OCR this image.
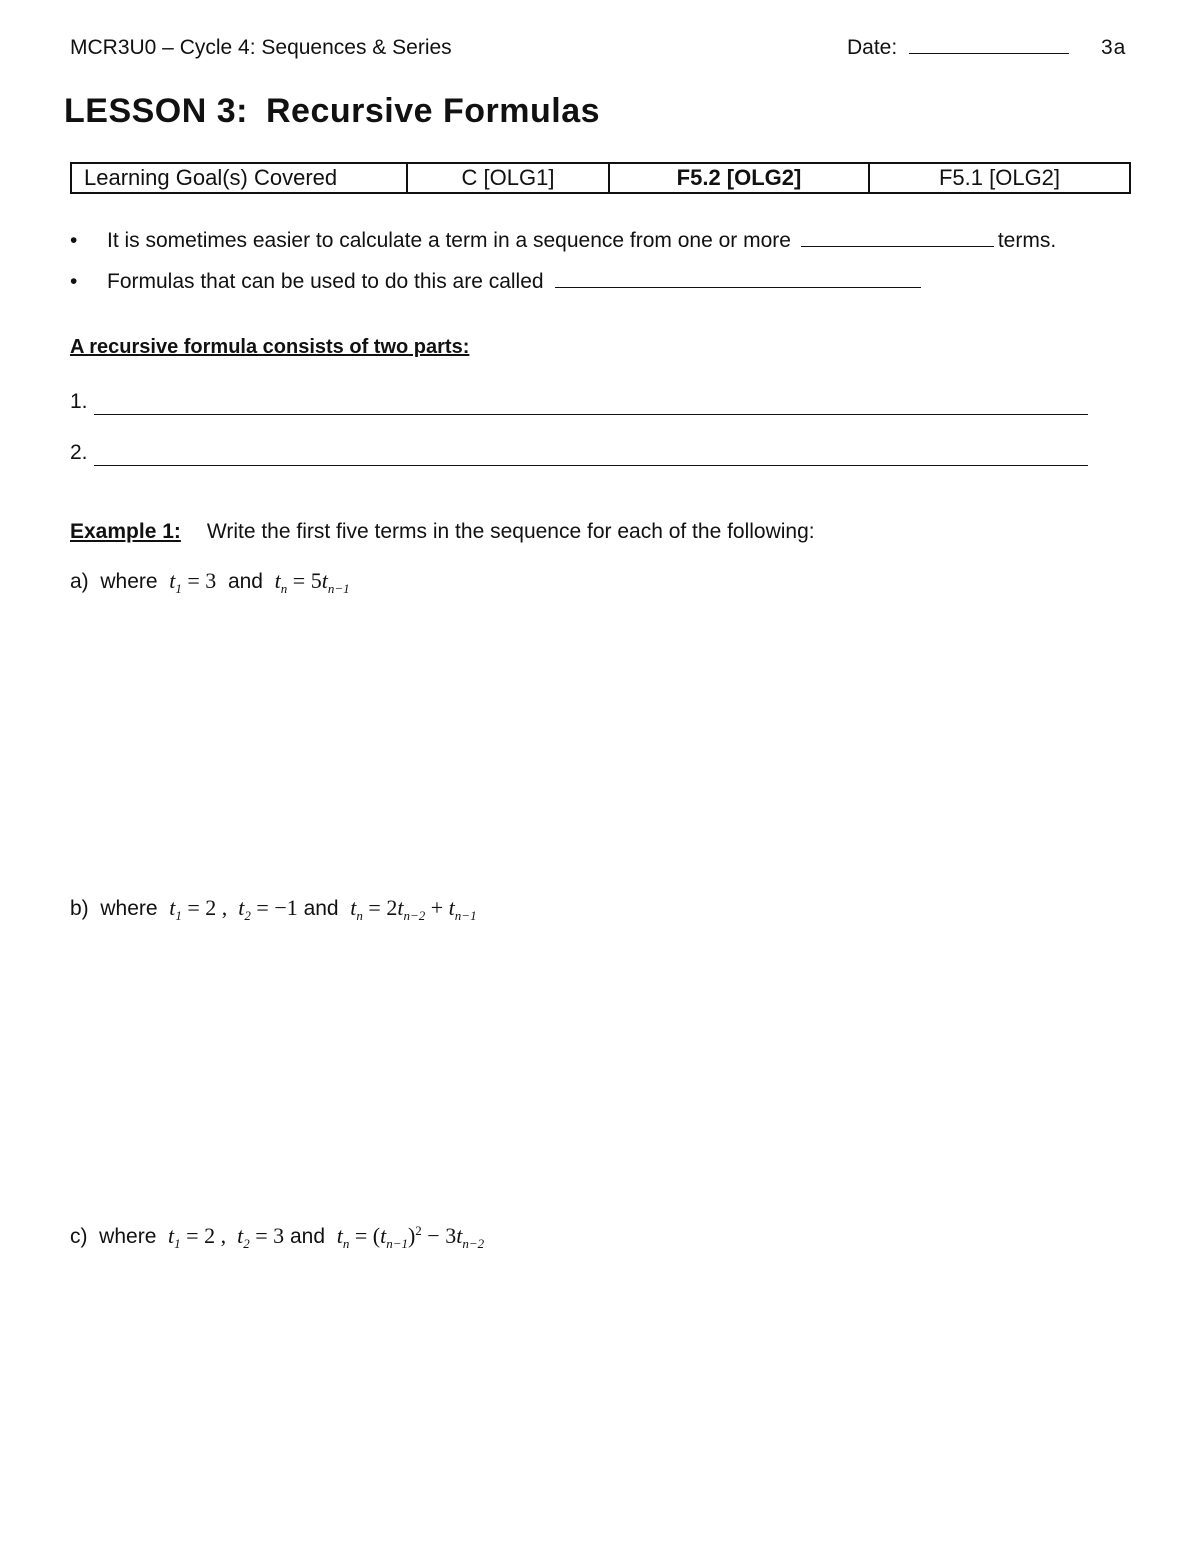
MCR3U0 – Cycle 4: Sequences & Series	Date:	3a
LESSON 3: Recursive Formulas
Learning Goal(s) Covered	C [OLG1]	F5.2 [OLG2]	F5.1 [OLG2]
• It is sometimes easier to calculate a term in a sequence from one or more	terms.
• Formulas that can be used to do this are called
A recursive formula consists of two parts:
1.
2.
Example 1: Write the first five terms in the sequence for each of the following:
a) where $t_1 = 3$ and $t_n = 5t_{n-1}$
b) where $t_1 = 2$ ,  $t_2 = -1$ and $t_n = 2t_{n-2} + t_{n-1}$
c) where $t_1 = 2$ ,  $t_2 = 3$ and $t_n = (t_{n-1})^2 - 3t_{n-2}$
